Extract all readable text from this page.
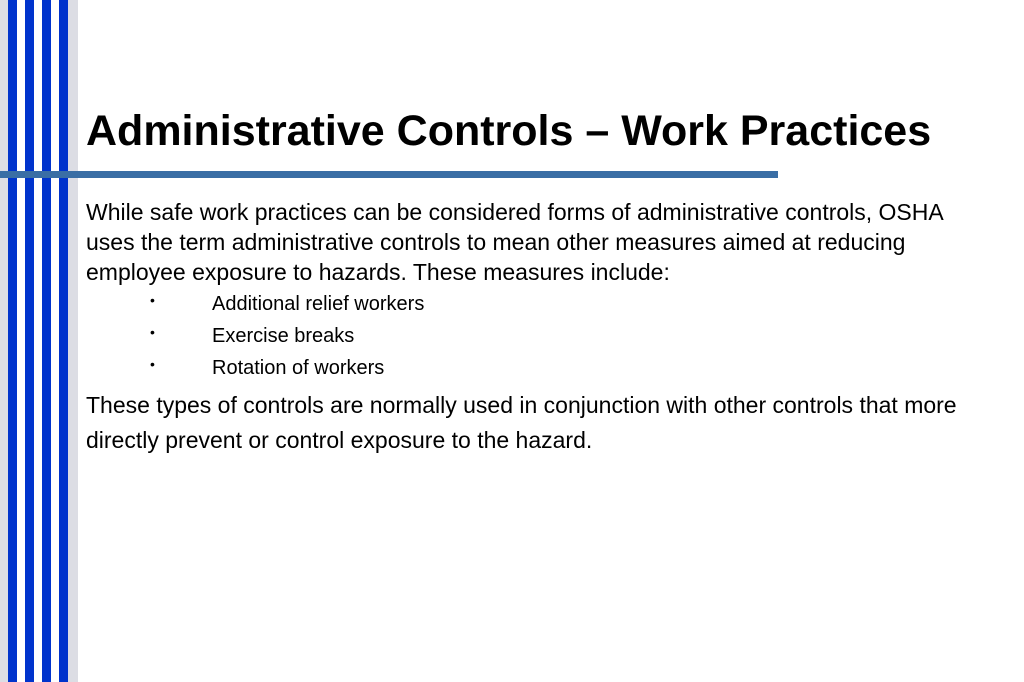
Administrative Controls – Work Practices

While safe work practices can be considered forms of administrative controls, OSHA uses the term administrative controls to mean other measures aimed at reducing employee exposure to hazards. These measures include:

•	Additional relief workers
•	Exercise breaks
•	Rotation of workers

These types of controls are normally used in conjunction with other controls that more directly prevent or control exposure to the hazard.
